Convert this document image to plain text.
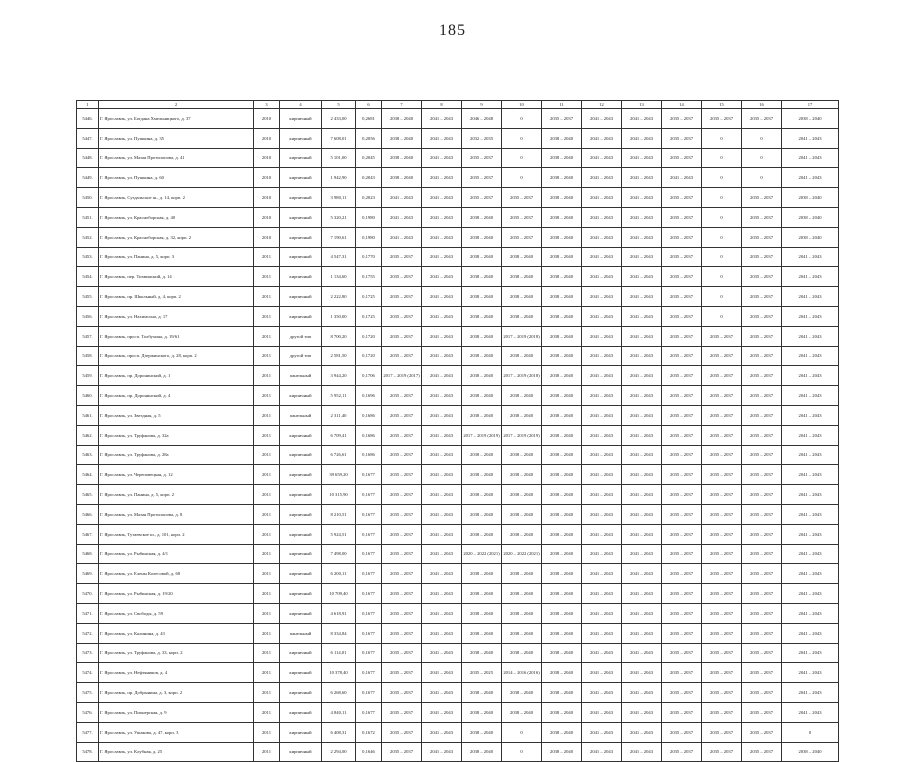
185
1	2	3	4	5	6	7	8	9	10	11	12	13	14	15	16	17
5446.	Г. Ярославль, ул. Богдана Хмельницкого, д. 37	2010	кирпичный	2 433,00	0,2681	2038 – 2040	2041 – 2043	2046 – 2048	0	2035 – 2037	2041 – 2043	2041 – 2043	2035 – 2037	2035 – 2037	2035 – 2037	2038 – 2040
5447.	Г. Ярославль, ул. Пушкина, д. 35	2010	кирпичный	7 608,01	0,2056	2038 – 2040	2041 – 2043	2032 – 2035	0	2038 – 2040	2041 – 2043	2041 – 2043	2035 – 2037	0	0	2041 – 2043
5448.	Г. Ярославль, ул. Мазая Протопопова, д. 41	2010	кирпичный	5 101,00	0,2045	2038 – 2040	2041 – 2043	2035 – 2037	0	2038 – 2040	2041 – 2043	2041 – 2043	2035 – 2037	0	0	2041 – 2043
5449.	Г. Ярославль, ул. Пушкина, д. 60	2010	кирпичный	1 942,90	0,2043	2038 – 2040	2041 – 2043	2035 – 2037	0	2038 – 2040	2041 – 2043	2041 – 2043	2041 – 2043	0	0	2041 – 2043
5450.	Г. Ярославль, Суздальское ш., д. 14, корп. 2	2010	кирпичный	3 980,11	0,2023	2041 – 2043	2041 – 2043	2035 – 2037	2035 – 2037	2038 – 2040	2041 – 2043	2041 – 2043	2035 – 2037	0	2035 – 2037	2038 – 2040
5451.	Г. Ярославль, ул. Красноборская, д. 40	2010	кирпичный	5 320,21	0,1980	2041 – 2043	2041 – 2043	2038 – 2040	2035 – 2037	2038 – 2040	2041 – 2043	2041 – 2043	2035 – 2037	0	2035 – 2037	2038 – 2040
5452.	Г. Ярославль, ул. Красноборская, д. 32, корп. 2	2010	кирпичный	7 190,61	0,1980	2041 – 2043	2041 – 2043	2038 – 2040	2035 – 2037	2038 – 2040	2041 – 2043	2041 – 2043	2035 – 2037	0	2035 – 2037	2038 – 2040
5453.	Г. Ярославль, ул. Панина, д. 5, корп. 3	2011	кирпичный	4 547,31	0,1770	2035 – 2037	2041 – 2043	2038 – 2040	2038 – 2040	2038 – 2040	2041 – 2043	2041 – 2043	2035 – 2037	0	2035 – 2037	2041 – 2043
5454.	Г. Ярославль, пер. Тихвинский, д. 14	2011	кирпичный	1 134,60	0,1755	2035 – 2037	2041 – 2043	2038 – 2040	2038 – 2040	2038 – 2040	2041 – 2043	2041 – 2043	2035 – 2037	0	2035 – 2037	2041 – 2043
5455.	Г. Ярославль, пр. Школьный, д. 4, корп. 2	2011	кирпичный	2 222,80	0,1725	2035 – 2037	2041 – 2043	2038 – 2040	2038 – 2040	2038 – 2040	2041 – 2043	2041 – 2043	2035 – 2037	0	2035 – 2037	2041 – 2043
5456.	Г. Ярославль, ул. Нахимсона, д. 17	2011	кирпичный	1 350,00	0,1725	2035 – 2037	2041 – 2043	2038 – 2040	2038 – 2040	2038 – 2040	2041 – 2043	2041 – 2043	2035 – 2037	0	2035 – 2037	2041 – 2043
5457.	Г. Ярославль, просп. Толбухина, д. 19/61	2011	другой тип	8 700,20	0,1720	2035 – 2037	2041 – 2043	2038 – 2040	2017 – 2019 (2018)	2038 – 2040	2041 – 2043	2041 – 2043	2035 – 2037	2035 – 2037	2035 – 2037	2041 – 2043
5458.	Г. Ярославль, просп. Дзержинского, д. 28, корп. 2	2011	другой тип	2 581,50	0,1720	2035 – 2037	2041 – 2043	2038 – 2040	2038 – 2040	2038 – 2040	2041 – 2043	2041 – 2043	2035 – 2037	2035 – 2037	2035 – 2037	2041 – 2043
5459.	Г. Ярославль, пр. Доронинский, д. 1	2011	панельный	3 944,20	0,1706	2017 – 2019 (2017)	2041 – 2043	2038 – 2040	2017 – 2019 (2018)	2038 – 2040	2041 – 2043	2041 – 2043	2035 – 2037	2035 – 2037	2035 – 2037	2041 – 2043
5460.	Г. Ярославль, пр. Доронинский, д. 4	2011	кирпичный	5 952,11	0,1696	2035 – 2037	2041 – 2043	2038 – 2040	2038 – 2040	2038 – 2040	2041 – 2043	2041 – 2043	2035 – 2037	2035 – 2037	2035 – 2037	2041 – 2043
5461.	Г. Ярославль, ул. Звездная, д. 5	2011	панельный	2 311,40	0,1686	2035 – 2037	2041 – 2043	2038 – 2040	2038 – 2040	2038 – 2040	2041 – 2043	2041 – 2043	2035 – 2037	2035 – 2037	2035 – 2037	2041 – 2043
5462.	Г. Ярославль, ул. Труфанова, д. 32а	2011	кирпичный	6 709,41	0,1686	2035 – 2037	2041 – 2043	2017 – 2019 (2019)	2017 – 2019 (2019)	2038 – 2040	2041 – 2043	2041 – 2043	2035 – 2037	2035 – 2037	2035 – 2037	2041 – 2043
5463.	Г. Ярославль, ул. Труфанова, д. 28а	2011	кирпичный	6 726,61	0,1686	2035 – 2037	2041 – 2043	2038 – 2040	2038 – 2040	2038 – 2040	2041 – 2043	2041 – 2043	2035 – 2037	2035 – 2037	2035 – 2037	2041 – 2043
5464.	Г. Ярославль, ул. Череповецкая, д. 12	2011	кирпичный	39 659,20	0,1677	2035 – 2037	2041 – 2043	2038 – 2040	2038 – 2040	2038 – 2040	2041 – 2043	2041 – 2043	2035 – 2037	2035 – 2037	2035 – 2037	2041 – 2043
5465.	Г. Ярославль, ул. Панина, д. 5, корп. 2	2011	кирпичный	10 315,90	0,1677	2035 – 2037	2041 – 2043	2038 – 2040	2038 – 2040	2038 – 2040	2041 – 2043	2041 – 2043	2035 – 2037	2035 – 2037	2035 – 2037	2041 – 2043
5466.	Г. Ярославль, ул. Мазая Протопопова, д. 8	2011	кирпичный	8 210,51	0,1677	2035 – 2037	2041 – 2043	2038 – 2040	2038 – 2040	2038 – 2040	2041 – 2043	2041 – 2043	2035 – 2037	2035 – 2037	2035 – 2037	2041 – 2043
5467.	Г. Ярославль, Тутаевское ш., д. 101, корп. 2	2011	кирпичный	5 924,51	0,1677	2035 – 2037	2041 – 2043	2038 – 2040	2038 – 2040	2038 – 2040	2041 – 2043	2041 – 2043	2035 – 2037	2035 – 2037	2035 – 2037	2041 – 2043
5468.	Г. Ярославль, ул. Рыбинская, д. 4/1	2011	кирпичный	7 498,00	0,1677	2035 – 2037	2041 – 2043	2020 – 2022 (2021)	2020 – 2022 (2021)	2038 – 2040	2041 – 2043	2041 – 2043	2035 – 2037	2035 – 2037	2035 – 2037	2041 – 2043
5469.	Г. Ярославль, ул. Елены Колесовой, д. 68	2011	кирпичный	6 200,11	0,1677	2035 – 2037	2041 – 2043	2038 – 2040	2038 – 2040	2038 – 2040	2041 – 2043	2041 – 2043	2035 – 2037	2035 – 2037	2035 – 2037	2041 – 2043
5470.	Г. Ярославль, ул. Рыбинская, д. 19/20	2011	кирпичный	10 709,40	0,1677	2035 – 2037	2041 – 2043	2038 – 2040	2038 – 2040	2038 – 2040	2041 – 2043	2041 – 2043	2035 – 2037	2035 – 2037	2035 – 2037	2041 – 2043
5471.	Г. Ярославль, ул. Свободы, д. 59	2011	кирпичный	4 618,91	0,1677	2035 – 2037	2041 – 2043	2038 – 2040	2038 – 2040	2038 – 2040	2041 – 2043	2041 – 2043	2035 – 2037	2035 – 2037	2035 – 2037	2041 – 2043
5472.	Г. Ярославль, ул. Калинина, д. 43	2011	панельный	8 334,84	0,1677	2035 – 2037	2041 – 2043	2038 – 2040	2038 – 2040	2038 – 2040	2041 – 2043	2041 – 2043	2035 – 2037	2035 – 2037	2035 – 2037	2041 – 2043
5473.	Г. Ярославль, ул. Труфанова, д. 33, корп. 2	2011	кирпичный	6 114,01	0,1677	2035 – 2037	2041 – 2043	2038 – 2040	2038 – 2040	2038 – 2040	2041 – 2043	2041 – 2043	2035 – 2037	2035 – 2037	2035 – 2037	2041 – 2043
5474.	Г. Ярославль, ул. Нефтяников, д. 4	2011	кирпичный	10 378,40	0,1677	2035 – 2037	2041 – 2043	2035 – 2025	2014 – 2016 (2016)	2038 – 2040	2041 – 2043	2041 – 2043	2035 – 2037	2035 – 2037	2035 – 2037	2041 – 2043
5475.	Г. Ярославль, пр. Добрынина, д. 3, корп. 2	2011	кирпичный	6 268,60	0,1677	2035 – 2037	2041 – 2043	2038 – 2040	2038 – 2040	2038 – 2040	2041 – 2043	2041 – 2043	2035 – 2037	2035 – 2037	2035 – 2037	2041 – 2043
5476.	Г. Ярославль, ул. Пионерская, д. 9	2011	кирпичный	4 840,11	0,1677	2035 – 2037	2041 – 2043	2038 – 2040	2038 – 2040	2038 – 2040	2041 – 2043	2041 – 2043	2035 – 2037	2035 – 2037	2035 – 2037	2041 – 2043
5477.	Г. Ярославль, ул. Ушакова, д. 47, корп. 3	2011	кирпичный	6 408,31	0,1672	2035 – 2037	2041 – 2043	2038 – 2040	0	2038 – 2040	2041 – 2043	2041 – 2043	2035 – 2037	2035 – 2037	2035 – 2037	0
5478.	Г. Ярославль, ул. Клубная, д. 25	2011	кирпичный	2 294,00	0,1646	2035 – 2037	2041 – 2043	2038 – 2040	0	2038 – 2040	2041 – 2043	2041 – 2043	2035 – 2037	2035 – 2037	2035 – 2037	2038 – 2040
